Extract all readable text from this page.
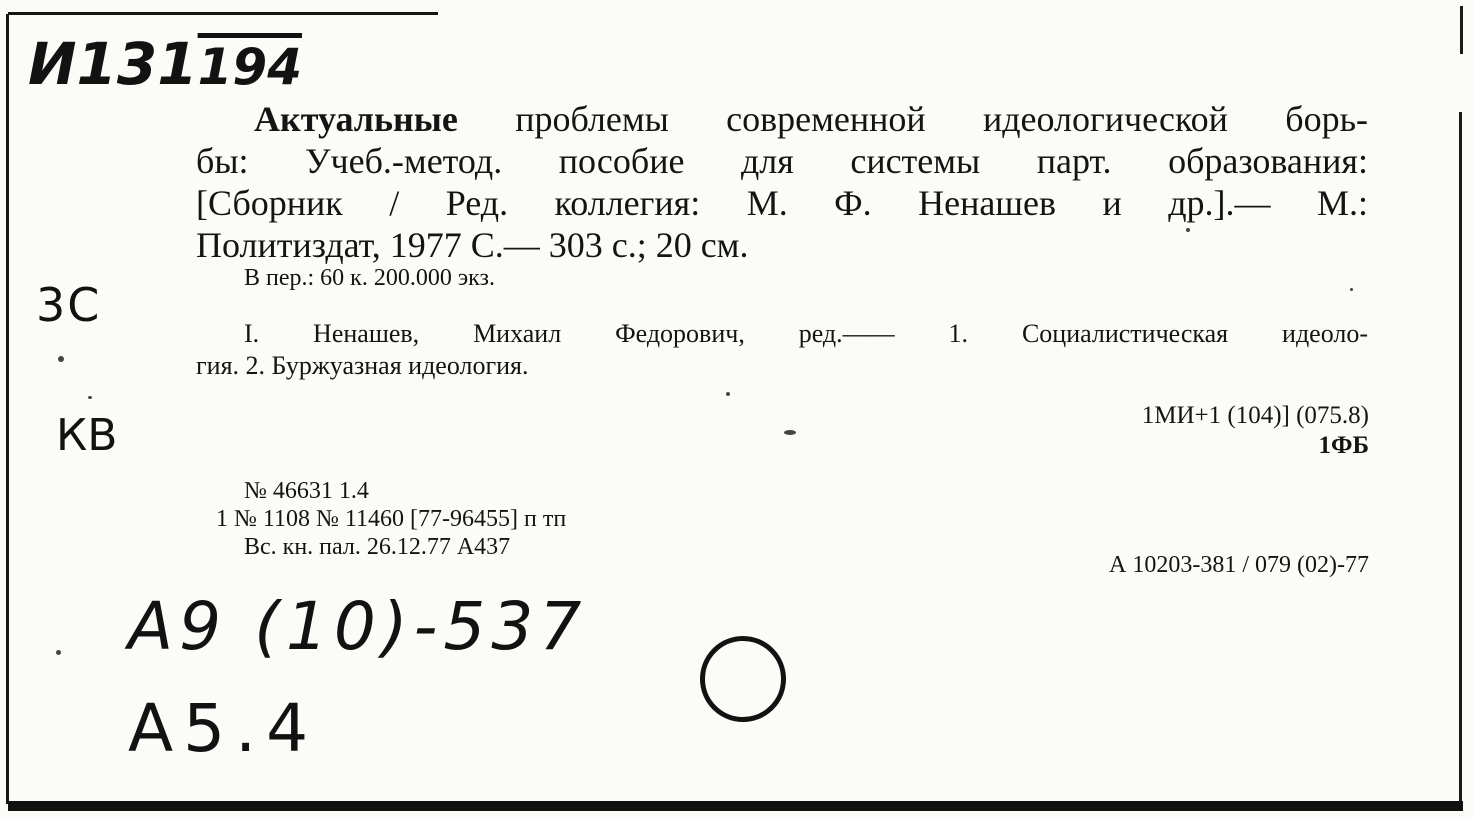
И131194
3С
КВ
А9 (10)-537
А5.4
Актуальные проблемы современной идеологической борь-
бы: Учеб.-метод. пособие для системы парт. образования:
[Сборник / Ред. коллегия: М. Ф. Ненашев и др.].— М.:
Политиздат, 1977 С.— 303 с.; 20 см.
В пер.: 60 к. 200.000 экз.
I. Ненашев, Михаил Федорович, ред.—— 1. Социалистическая идеоло-
гия. 2. Буржуазная идеология.
1МИ+1 (104)] (075.8)
1ФБ
№ 46631 1.4
1 № 1108 № 11460 [77-96455] п тп
Вс. кн. пал. 26.12.77 А437
А 10203-381 / 079 (02)-77
